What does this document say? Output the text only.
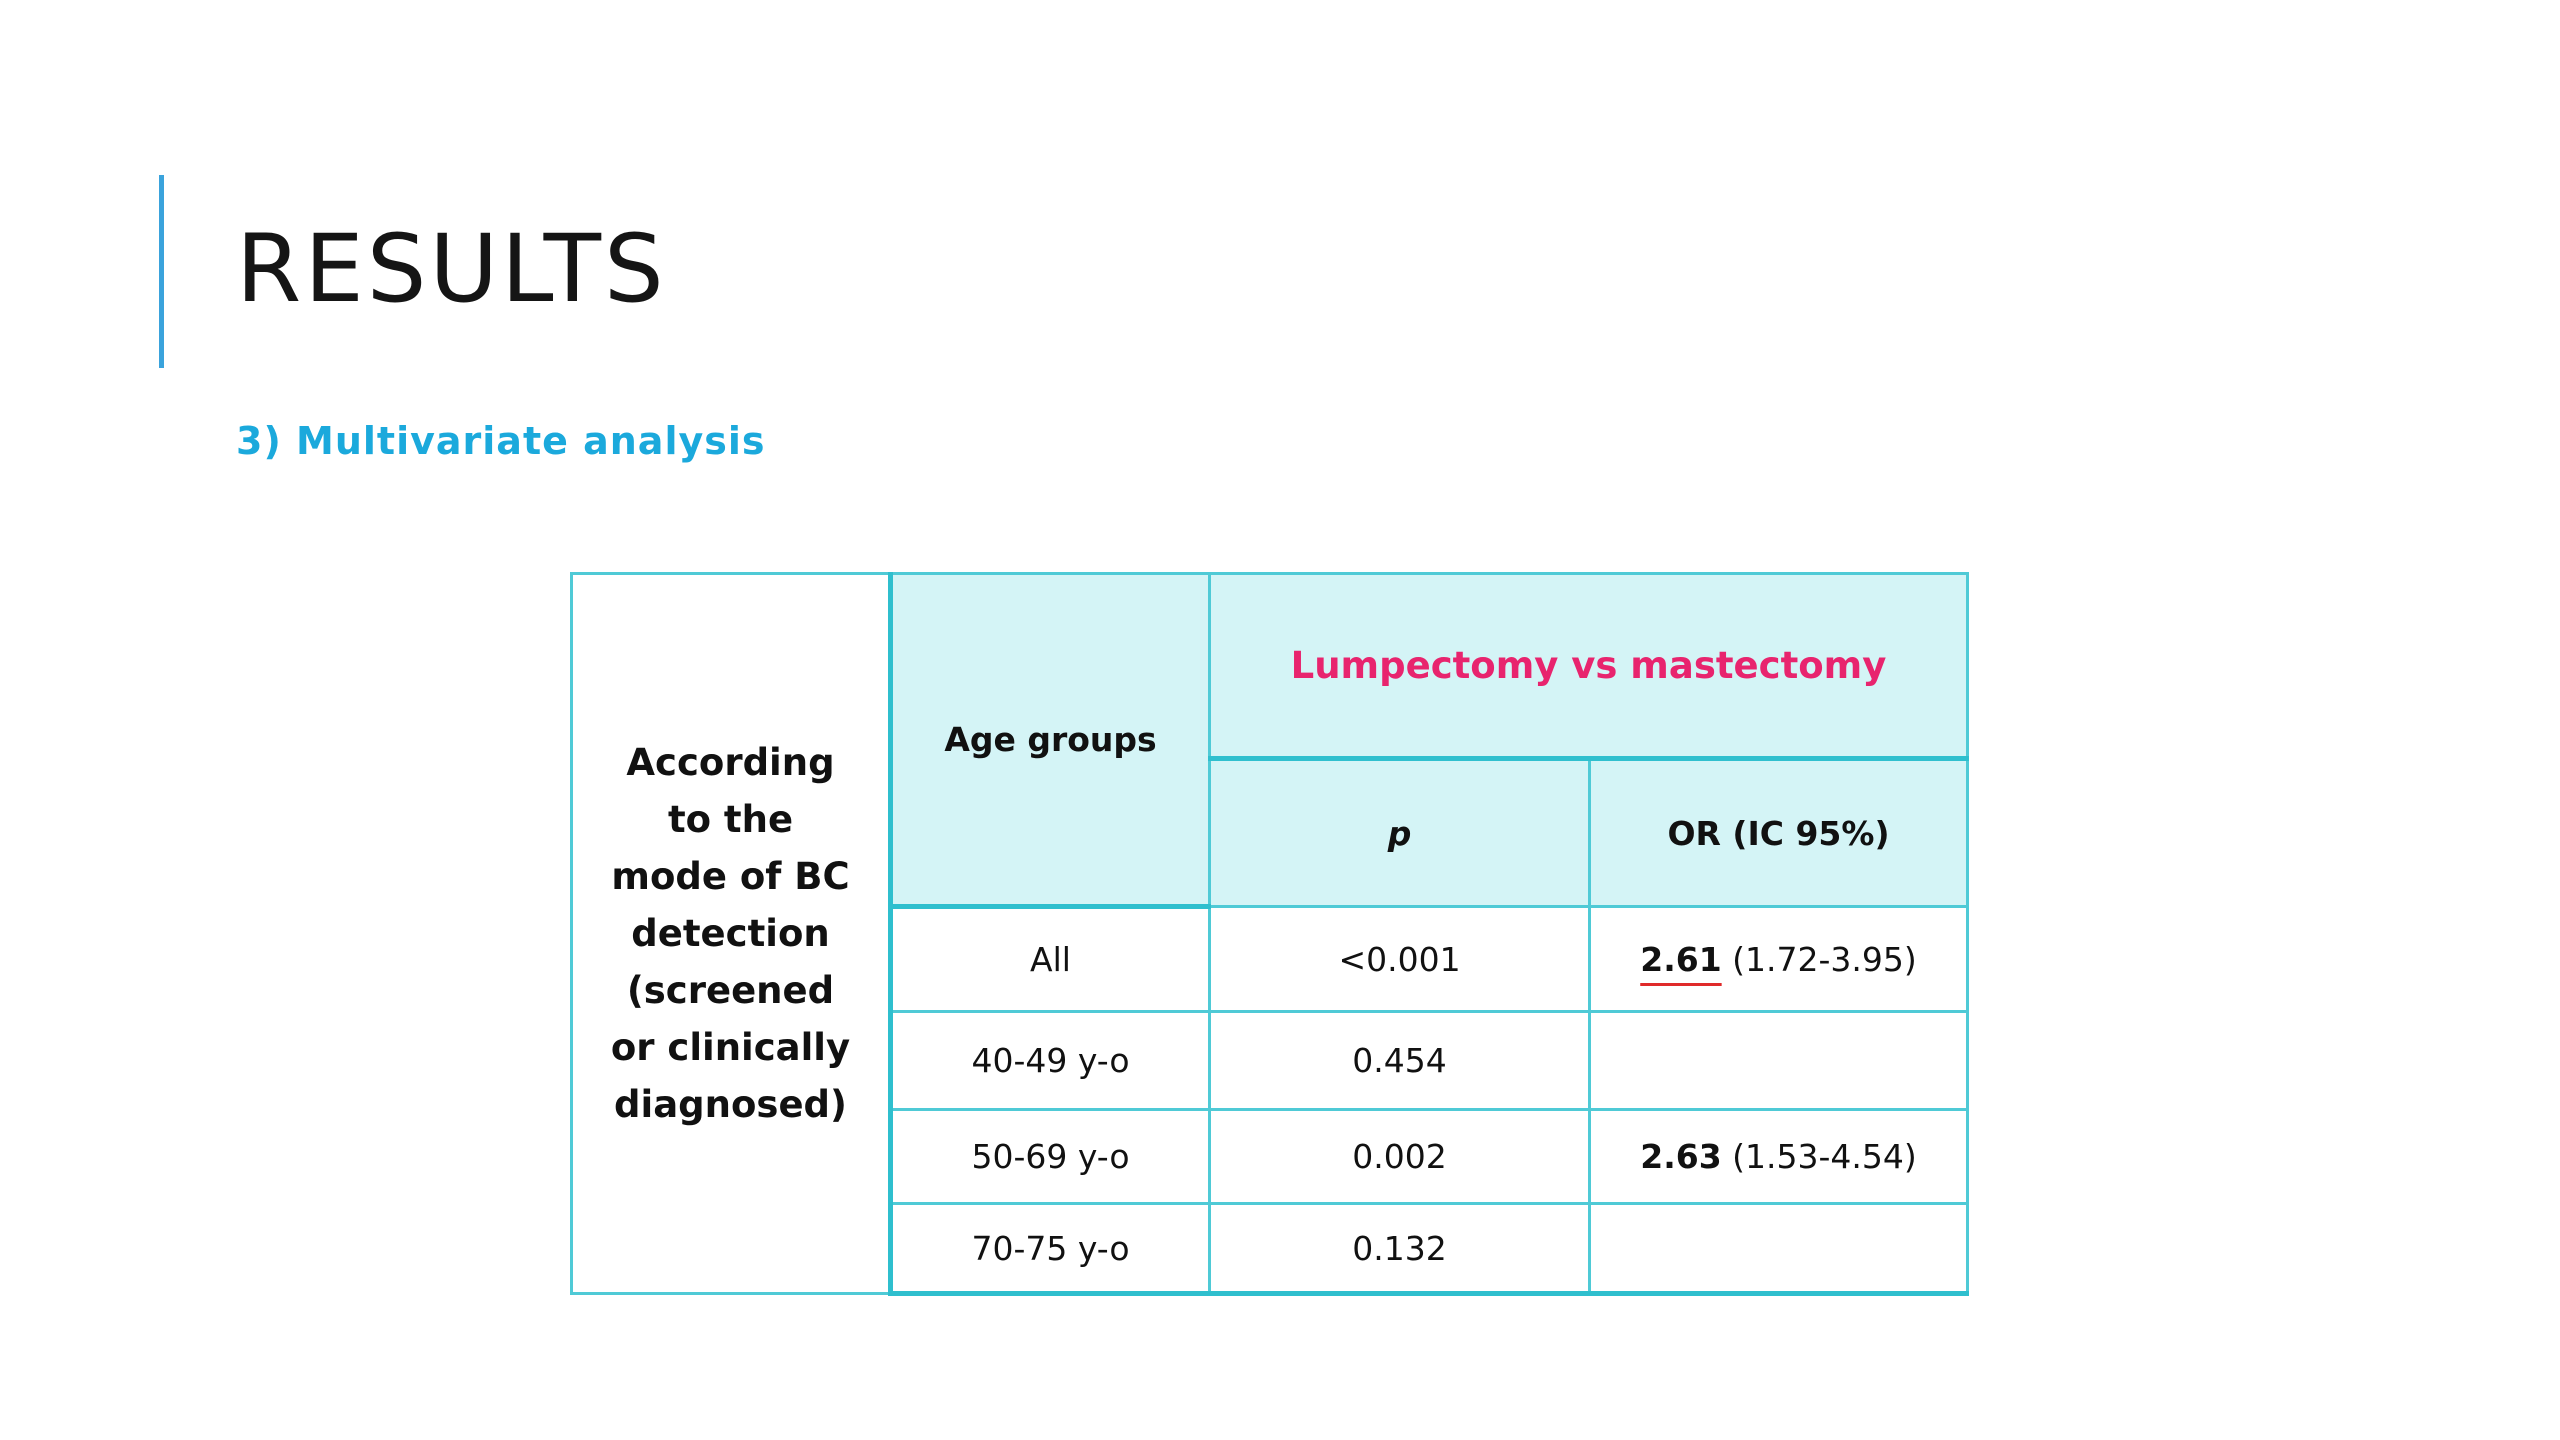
RESULTS
3) Multivariate analysis
According to the mode of BC detection (screened or clinically diagnosed)	Age groups	Lumpectomy vs mastectomy	
		p	OR (IC 95%)
	All	<0.001	2.61 (1.72-3.95)
	40-49 y-o	0.454	
	50-69 y-o	0.002	2.63 (1.53-4.54)
	70-75 y-o	0.132	
